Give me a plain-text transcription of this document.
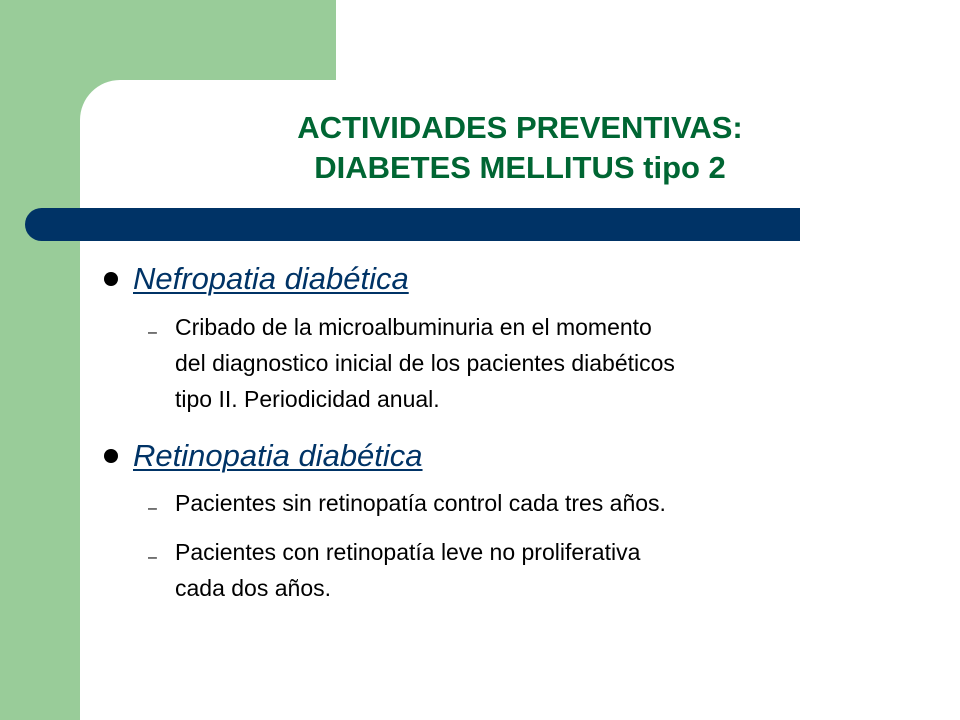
ACTIVIDADES PREVENTIVAS:
DIABETES MELLITUS tipo 2
Nefropatia diabética
– Cribado de la microalbuminuria en el momento
del diagnostico inicial de los pacientes diabéticos
tipo II. Periodicidad anual.
Retinopatia diabética
– Pacientes sin retinopatía control cada tres años.
– Pacientes con retinopatía leve no proliferativa
cada dos años.
